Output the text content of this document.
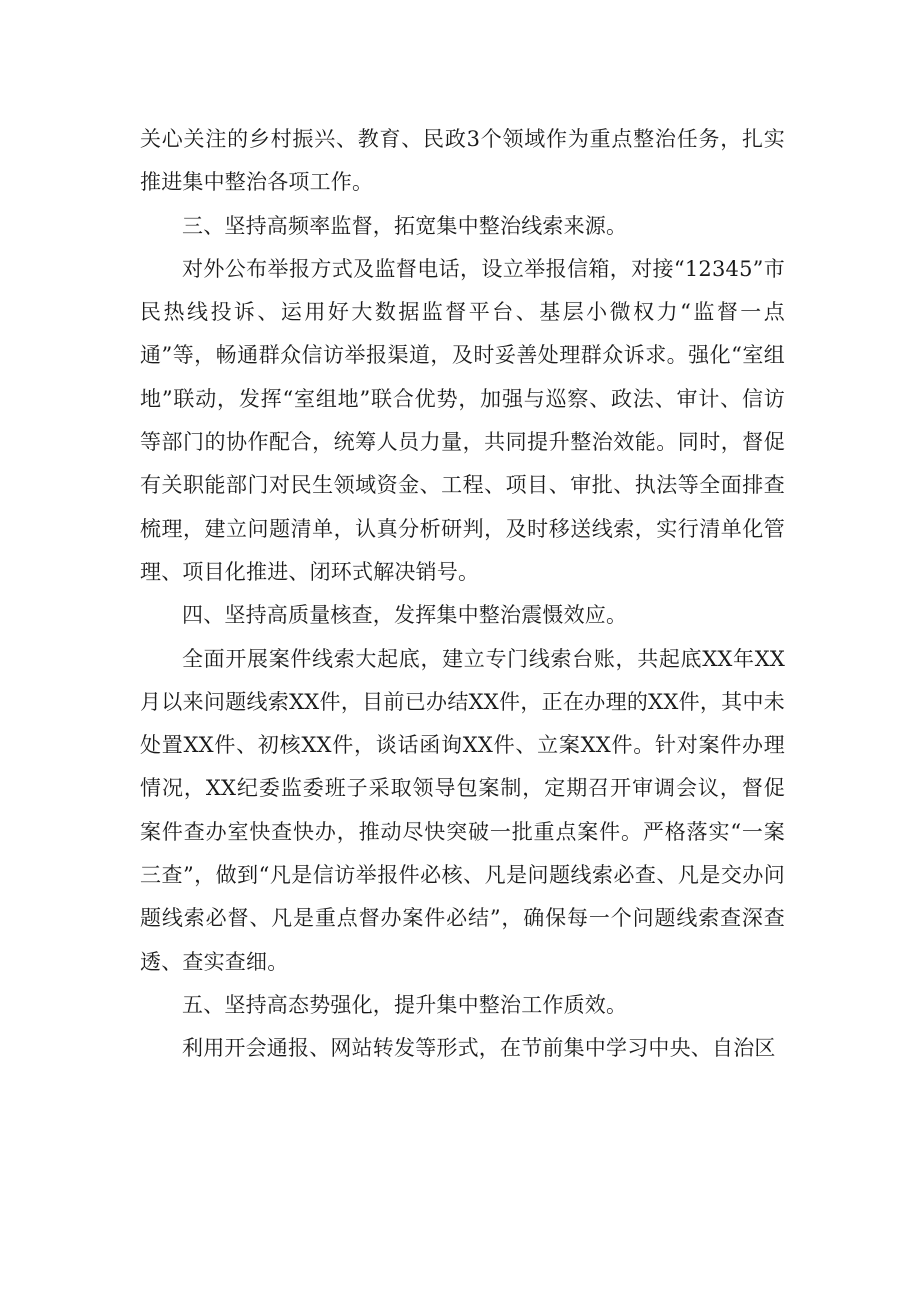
关心关注的乡村振兴、教育、民政3个领域作为重点整治任务，扎实推进集中整治各项工作。

三、坚持高频率监督，拓宽集中整治线索来源。

对外公布举报方式及监督电话，设立举报信箱，对接“12345”市民热线投诉、运用好大数据监督平台、基层小微权力“监督一点通”等，畅通群众信访举报渠道，及时妥善处理群众诉求。强化“室组地”联动，发挥“室组地”联合优势，加强与巡察、政法、审计、信访等部门的协作配合，统筹人员力量，共同提升整治效能。同时，督促有关职能部门对民生领域资金、工程、项目、审批、执法等全面排查梳理，建立问题清单，认真分析研判，及时移送线索，实行清单化管理、项目化推进、闭环式解决销号。

四、坚持高质量核查，发挥集中整治震慑效应。

全面开展案件线索大起底，建立专门线索台账，共起底XX年XX月以来问题线索XX件，目前已办结XX件，正在办理的XX件，其中未处置XX件、初核XX件，谈话函询XX件、立案XX件。针对案件办理情况，XX纪委监委班子采取领导包案制，定期召开审调会议，督促案件查办室快查快办，推动尽快突破一批重点案件。严格落实“一案三查”，做到“凡是信访举报件必核、凡是问题线索必查、凡是交办问题线索必督、凡是重点督办案件必结”，确保每一个问题线索查深查透、查实查细。

五、坚持高态势强化，提升集中整治工作质效。

利用开会通报、网站转发等形式，在节前集中学习中央、自治区
